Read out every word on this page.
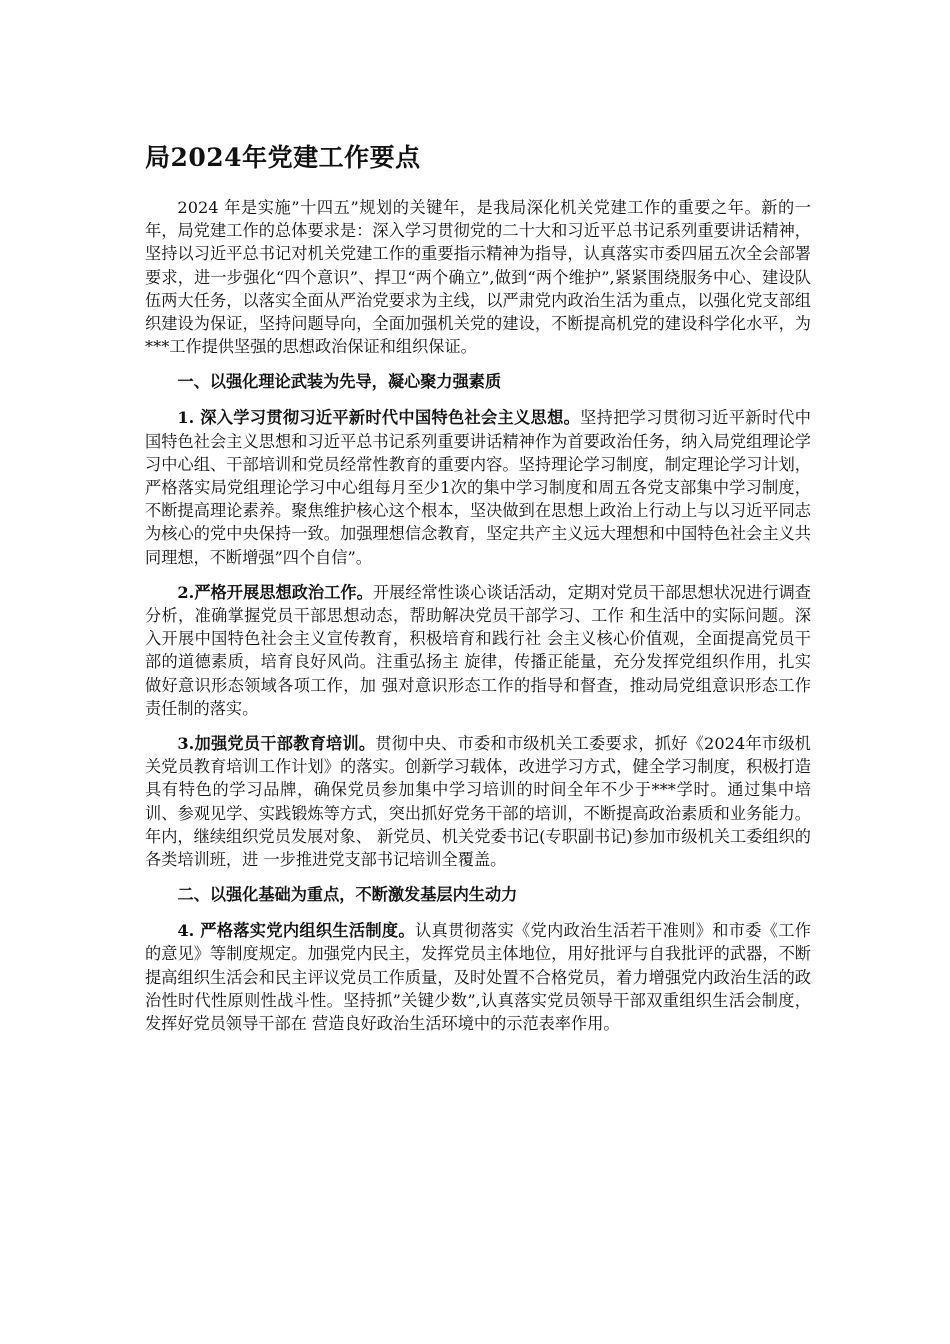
局2024年党建工作要点

2024 年是实施”十四五”规划的关键年，是我局深化机关党建工作的重要之年。新的一年，局党建工作的总体要求是：深入学习贯彻党的二十大和习近平总书记系列重要讲话精神，坚持以习近平总书记对机关党建工作的重要指示精神为指导，认真落实市委四届五次全会部署要求，进一步强化“四个意识”、捍卫“两个确立”,做到“两个维护”,紧紧围绕服务中心、建设队伍两大任务，以落实全面从严治党要求为主线，以严肃党内政治生活为重点，以强化党支部组织建设为保证，坚持问题导向，全面加强机关党的建设，不断提高机党的建设科学化水平，为***工作提供坚强的思想政治保证和组织保证。

一、以强化理论武装为先导，凝心聚力强素质

1. 深入学习贯彻习近平新时代中国特色社会主义思想。坚持把学习贯彻习近平新时代中国特色社会主义思想和习近平总书记系列重要讲话精神作为首要政治任务，纳入局党组理论学习中心组、干部培训和党员经常性教育的重要内容。坚持理论学习制度，制定理论学习计划，严格落实局党组理论学习中心组每月至少1次的集中学习制度和周五各党支部集中学习制度，不断提高理论素养。聚焦维护核心这个根本，坚决做到在思想上政治上行动上与以习近平同志为核心的党中央保持一致。加强理想信念教育，坚定共产主义远大理想和中国特色社会主义共同理想，不断增强”四个自信”。

2.严格开展思想政治工作。开展经常性谈心谈话活动，定期对党员干部思想状况进行调查分析，准确掌握党员干部思想动态，帮助解决党员干部学习、工作 和生活中的实际问题。深入开展中国特色社会主义宣传教育，积极培育和践行社 会主义核心价值观，全面提高党员干部的道德素质，培育良好风尚。注重弘扬主 旋律，传播正能量，充分发挥党组织作用，扎实做好意识形态领域各项工作，加 强对意识形态工作的指导和督查，推动局党组意识形态工作责任制的落实。

3.加强党员干部教育培训。贯彻中央、市委和市级机关工委要求，抓好《2024年市级机关党员教育培训工作计划》的落实。创新学习载体，改进学习方式，健全学习制度，积极打造具有特色的学习品牌，确保党员参加集中学习培训的时间全年不少于***学时。通过集中培训、参观见学、实践锻炼等方式，突出抓好党务干部的培训，不断提高政治素质和业务能力。年内，继续组织党员发展对象、 新党员、机关党委书记(专职副书记)参加市级机关工委组织的各类培训班，进 一步推进党支部书记培训全覆盖。

二、以强化基础为重点，不断激发基层内生动力

4. 严格落实党内组织生活制度。认真贯彻落实《党内政治生活若干准则》和市委《工作的意见》等制度规定。加强党内民主，发挥党员主体地位，用好批评与自我批评的武器，不断提高组织生活会和民主评议党员工作质量，及时处置不合格党员，着力增强党内政治生活的政治性时代性原则性战斗性。坚持抓”关键少数”,认真落实党员领导干部双重组织生活会制度，发挥好党员领导干部在 营造良好政治生活环境中的示范表率作用。
